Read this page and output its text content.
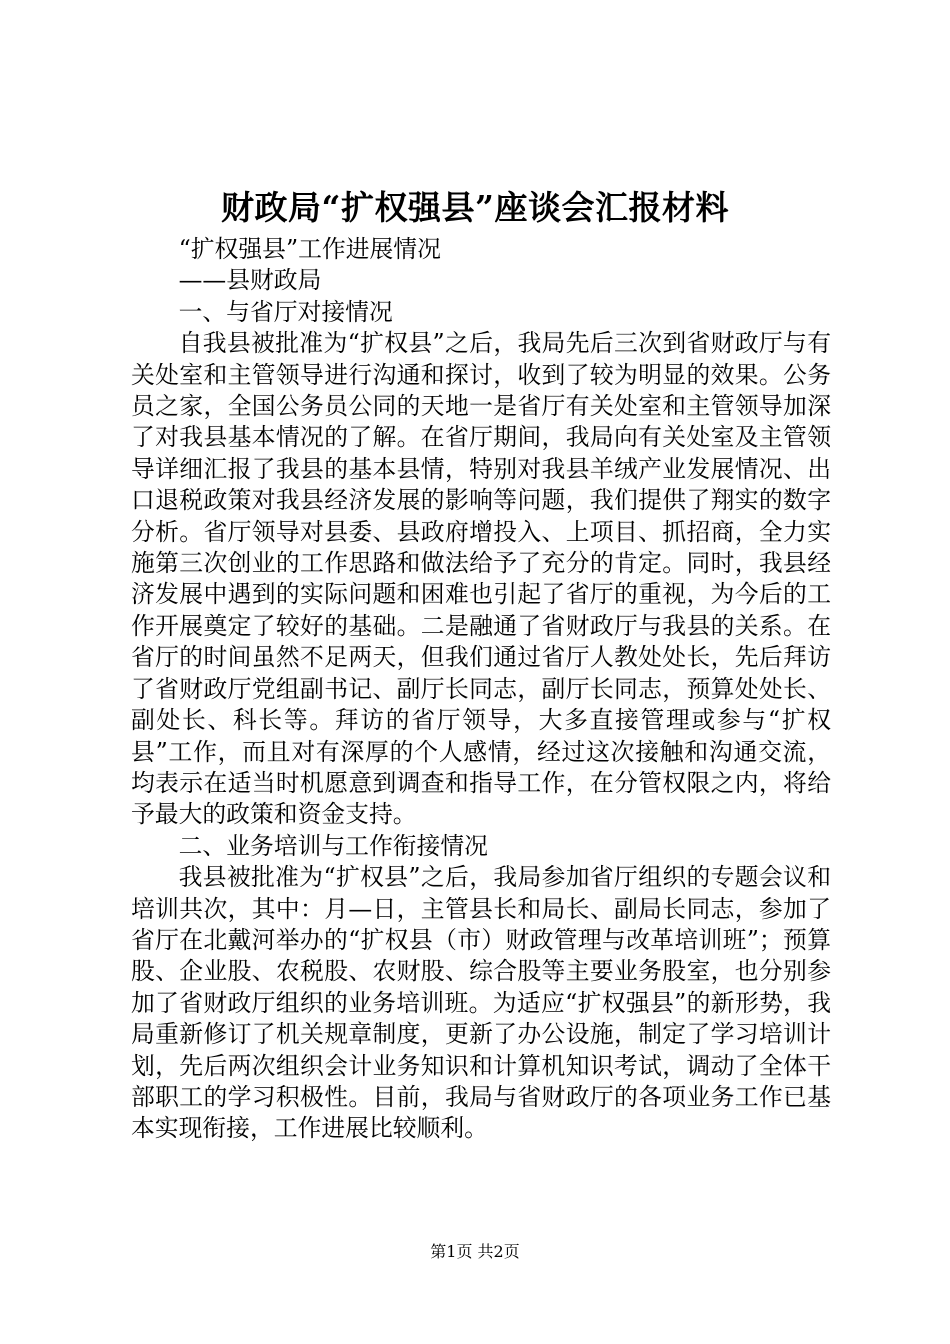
财政局“扩权强县”座谈会汇报材料

“扩权强县”工作进展情况

——县财政局

一、与省厅对接情况

自我县被批准为“扩权县”之后，我局先后三次到省财政厅与有关处室和主管领导进行沟通和探讨，收到了较为明显的效果。公务员之家，全国公务员公同的天地一是省厅有关处室和主管领导加深了对我县基本情况的了解。在省厅期间，我局向有关处室及主管领导详细汇报了我县的基本县情，特别对我县羊绒产业发展情况、出口退税政策对我县经济发展的影响等问题，我们提供了翔实的数字分析。省厅领导对县委、县政府增投入、上项目、抓招商，全力实施第三次创业的工作思路和做法给予了充分的肯定。同时，我县经济发展中遇到的实际问题和困难也引起了省厅的重视，为今后的工作开展奠定了较好的基础。二是融通了省财政厅与我县的关系。在省厅的时间虽然不足两天，但我们通过省厅人教处处长，先后拜访了省财政厅党组副书记、副厅长同志，副厅长同志，预算处处长、副处长、科长等。拜访的省厅领导，大多直接管理或参与“扩权县”工作，而且对有深厚的个人感情，经过这次接触和沟通交流，均表示在适当时机愿意到调查和指导工作，在分管权限之内，将给予最大的政策和资金支持。

二、业务培训与工作衔接情况

我县被批准为“扩权县”之后，我局参加省厅组织的专题会议和培训共次，其中：月—日，主管县长和局长、副局长同志，参加了省厅在北戴河举办的“扩权县（市）财政管理与改革培训班”；预算股、企业股、农税股、农财股、综合股等主要业务股室，也分别参加了省财政厅组织的业务培训班。为适应“扩权强县”的新形势，我局重新修订了机关规章制度，更新了办公设施，制定了学习培训计划，先后两次组织会计业务知识和计算机知识考试，调动了全体干部职工的学习积极性。目前，我局与省财政厅的各项业务工作已基本实现衔接，工作进展比较顺利。

第1页 共2页
